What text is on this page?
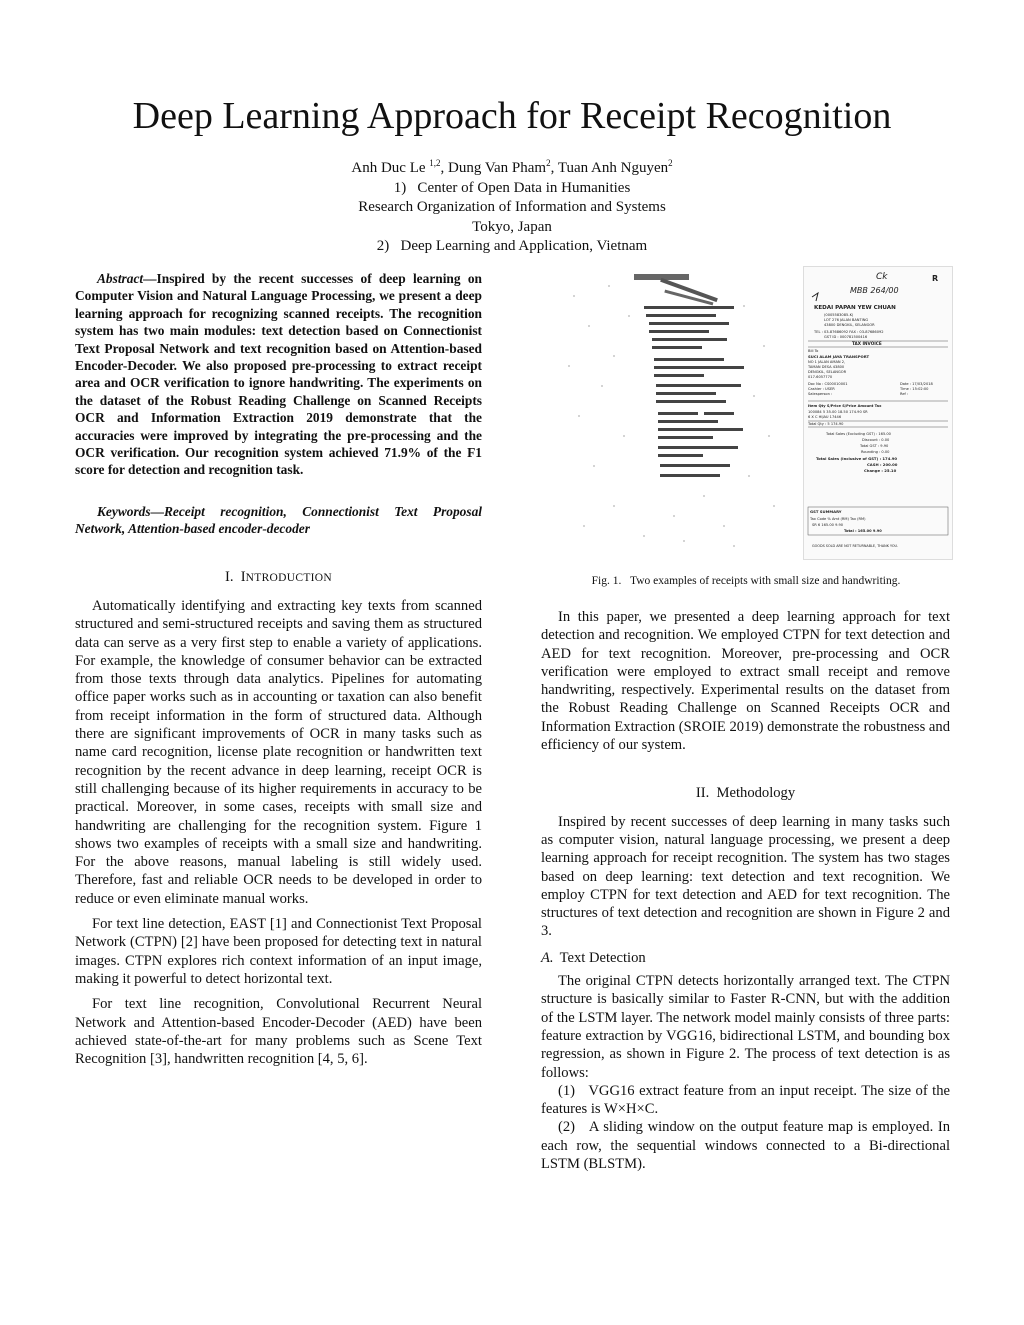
Deep Learning Approach for Receipt Recognition
Anh Duc Le $^{1,2}$, Dung Van Pham$^2$, Tuan Anh Nguyen$^2$
1)   Center of Open Data in Humanities
Research Organization of Information and Systems
Tokyo, Japan
2)   Deep Learning and Application, Vietnam

Abstract—Inspired by the recent successes of deep learning on Computer Vision and Natural Language Processing, we present a deep learning approach for recognizing scanned receipts. The recognition system has two main modules: text detection based on Connectionist Text Proposal Network and text recognition based on Attention-based Encoder-Decoder. We also proposed pre-processing to extract receipt area and OCR verification to ignore handwriting. The experiments on the dataset of the Robust Reading Challenge on Scanned Receipts OCR and Information Extraction 2019 demonstrate that the accuracies were improved by integrating the pre-processing and the OCR verification. Our recognition system achieved 71.9% of the F1 score for detection and recognition task.

Keywords—Receipt recognition, Connectionist Text Proposal Network, Attention-based encoder-decoder

I. INTRODUCTION

Automatically identifying and extracting key texts from scanned structured and semi-structured receipts and saving them as structured data can serve as a very first step to enable a variety of applications. For example, the knowledge of consumer behavior can be extracted from those texts through data analytics. Pipelines for automating office paper works such as in accounting or taxation can also benefit from receipt information in the form of structured data. Although there are significant improvements of OCR in many tasks such as name card recognition, license plate recognition or handwritten text recognition by the recent advance in deep learning, receipt OCR is still challenging because of its higher requirements in accuracy to be practical. Moreover, in some cases, receipts with small size and handwriting are challenging for the recognition system. Figure 1 shows two examples of receipts with a small size and handwriting. For the above reasons, manual labeling is still widely used. Therefore, fast and reliable OCR needs to be developed in order to reduce or even eliminate manual works.

For text line detection, EAST [1] and Connectionist Text Proposal Network (CTPN) [2] have been proposed for detecting text in natural images. CTPN explores rich context information of an input image, making it powerful to detect horizontal text.

For text line recognition, Convolutional Recurrent Neural Network and Attention-based Encoder-Decoder (AED) have been achieved state-of-the-art for many problems such as Scene Text Recognition [3], handwritten recognition [4, 5, 6].

Ck	R
MBB 264/00
KEDAI PAPAN YEW CHUAN
(0005583085-K)
LOT 276 JALAN BANTING
43800 DENGKIL, SELANGOR
TEL : 03-87686092 FAX : 03-87686092
GST ID : 000781500416
TAX INVOICE
Bill To
SUCI ALAM JAYA TRANSPORT
NO 1 JALAN AMAN 2,
TAMAN DESA 43800
DENGKIL, SELANGOR
017-6057770
Doc No : CS00010001	Date : 17/03/2018
Cashier : USER	Time : 15:02:00
Salesperson :	Ref :
Item Qty S/Price S/Price Amount Tax
100084 5 35.00 18.50 174.90 SR
6 X C HIJAU 17446
Total Qty : 5 174.90
Total Sales (Excluding GST) : 165.00
Discount : 0.00
Total GST : 9.90
Rounding : 0.00
Total Sales (Inclusive of GST) : 174.90
CASH : 200.00
Change : 25.10
GST SUMMARY
Tax Code % Amt (RM) Tax (RM)
SR 6 165.00 9.90
Total : 165.00 9.90
GOODS SOLD ARE NOT RETURNABLE, THANK YOU.
Fig. 1.   Two examples of receipts with small size and handwriting.

In this paper, we presented a deep learning approach for text detection and recognition. We employed CTPN for text detection and AED for text recognition. Moreover, pre-processing and OCR verification were employed to extract small receipt and remove handwriting, respectively. Experimental results on the dataset from the Robust Reading Challenge on Scanned Receipts OCR and Information Extraction (SROIE 2019) demonstrate the robustness and efficiency of our system.

II.  Methodology

Inspired by recent successes of deep learning in many tasks such as computer vision, natural language processing, we present a deep learning approach for receipt recognition. The system has two stages based on deep learning: text detection and text recognition. We employ CTPN for text detection and AED for text recognition. The structures of text detection and recognition are shown in Figure 2 and 3.

A. Text Detection

The original CTPN detects horizontally arranged text. The CTPN structure is basically similar to Faster R-CNN, but with the addition of the LSTM layer. The network model mainly consists of three parts: feature extraction by VGG16, bidirectional LSTM, and bounding box regression, as shown in Figure 2. The process of text detection is as follows:

(1)   VGG16 extract feature from an input receipt. The size of the features is W×H×C.

(2)   A sliding window on the output feature map is employed. In each row, the sequential windows connected to a Bi-directional LSTM (BLSTM).
